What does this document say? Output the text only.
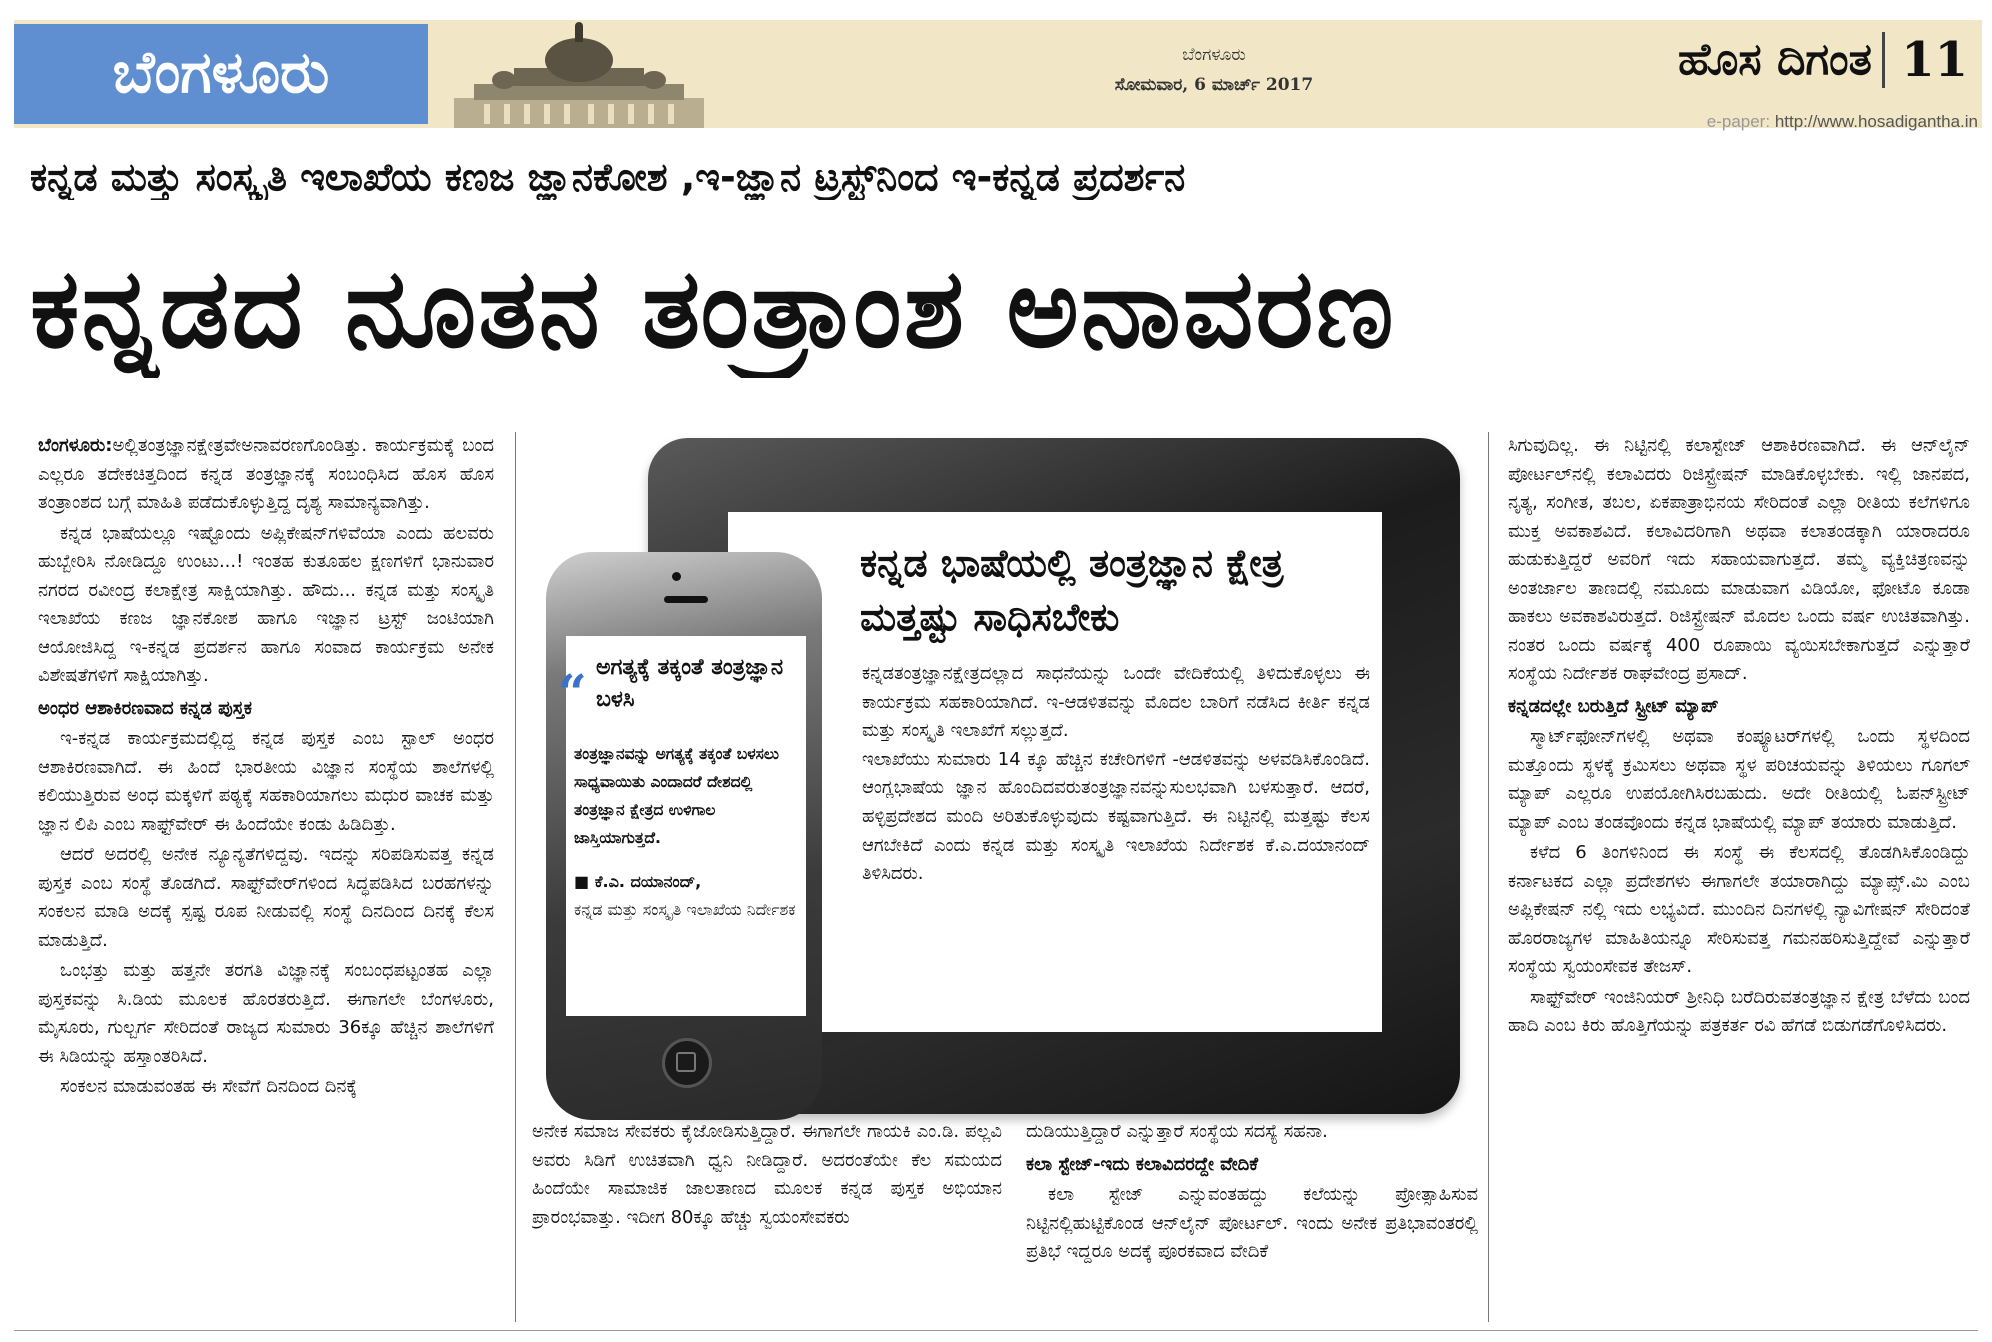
ಬೆಂಗಳೂರು	ಬೆಂಗಳೂರು
ಸೋಮವಾರ, 6 ಮಾರ್ಚ್ 2017	ಹೊಸ ದಿಗಂತ 11
e-paper: http://www.hosadigantha.in
ಕನ್ನಡ ಮತ್ತು ಸಂಸ್ಕೃತಿ ಇಲಾಖೆಯ ಕಣಜ ಜ್ಞಾನಕೋಶ ,ಇ-ಜ್ಞಾನ ಟ್ರಸ್ಟ್‌ನಿಂದ ಇ-ಕನ್ನಡ ಪ್ರದರ್ಶನ
ಕನ್ನಡದ ನೂತನ ತಂತ್ರಾಂಶ ಅನಾವರಣ

ಬೆಂಗಳೂರು:ಅಲ್ಲಿತಂತ್ರಜ್ಞಾನಕ್ಷೇತ್ರವೇಅನಾವರಣಗೊಂಡಿತ್ತು. ಕಾರ್ಯಕ್ರಮಕ್ಕೆ ಬಂದ ಎಲ್ಲರೂ ತದೇಕಚಿತ್ತದಿಂದ ಕನ್ನಡ ತಂತ್ರಜ್ಞಾನಕ್ಕೆ ಸಂಬಂಧಿಸಿದ ಹೊಸ ಹೊಸ ತಂತ್ರಾಂಶದ ಬಗ್ಗೆ ಮಾಹಿತಿ ಪಡೆದುಕೊಳ್ಳುತ್ತಿದ್ದ ದೃಶ್ಯ ಸಾಮಾನ್ಯವಾಗಿತ್ತು.

ಕನ್ನಡ ಭಾಷೆಯಲ್ಲೂ ಇಷ್ಟೊಂದು ಅಪ್ಲಿಕೇಷನ್‌ಗಳಿವೆಯಾ ಎಂದು ಹಲವರು ಹುಬ್ಬೇರಿಸಿ ನೋಡಿದ್ದೂ ಉಂಟು...! ಇಂತಹ ಕುತೂಹಲ ಕ್ಷಣಗಳಿಗೆ ಭಾನುವಾರ ನಗರದ ರವೀಂದ್ರ ಕಲಾಕ್ಷೇತ್ರ ಸಾಕ್ಷಿಯಾಗಿತ್ತು. ಹೌದು... ಕನ್ನಡ ಮತ್ತು ಸಂಸ್ಕೃತಿ ಇಲಾಖೆಯ ಕಣಜ ಜ್ಞಾನಕೋಶ ಹಾಗೂ ಇಜ್ಞಾನ ಟ್ರಸ್ಟ್ ಜಂಟಿಯಾಗಿ ಆಯೋಜಿಸಿದ್ದ ಇ-ಕನ್ನಡ ಪ್ರದರ್ಶನ ಹಾಗೂ ಸಂವಾದ ಕಾರ್ಯಕ್ರಮ ಅನೇಕ ವಿಶೇಷತೆಗಳಿಗೆ ಸಾಕ್ಷಿಯಾಗಿತ್ತು.

ಅಂಧರ ಆಶಾಕಿರಣವಾದ ಕನ್ನಡ ಪುಸ್ತಕ

ಇ-ಕನ್ನಡ ಕಾರ್ಯಕ್ರಮದಲ್ಲಿದ್ದ ಕನ್ನಡ ಪುಸ್ತಕ ಎಂಬ ಸ್ಟಾಲ್ ಅಂಧರ ಆಶಾಕಿರಣವಾಗಿದೆ. ಈ ಹಿಂದೆ ಭಾರತೀಯ ವಿಜ್ಞಾನ ಸಂಸ್ಥೆಯ ಶಾಲೆಗಳಲ್ಲಿ ಕಲಿಯುತ್ತಿರುವ ಅಂಧ ಮಕ್ಕಳಿಗೆ ಪಠ್ಯಕ್ಕೆ ಸಹಕಾರಿಯಾಗಲು ಮಧುರ ವಾಚಕ ಮತ್ತು ಜ್ಞಾನ ಲಿಪಿ ಎಂಬ ಸಾಫ್ಟ್‌ವೇರ್ ಈ ಹಿಂದೆಯೇ ಕಂಡು ಹಿಡಿದಿತ್ತು.

ಆದರೆ ಅದರಲ್ಲಿ ಅನೇಕ ನ್ಯೂನ್ಯತೆಗಳಿದ್ದವು. ಇದನ್ನು ಸರಿಪಡಿಸುವತ್ತ ಕನ್ನಡ ಪುಸ್ತಕ ಎಂಬ ಸಂಸ್ಥೆ ತೊಡಗಿದೆ. ಸಾಫ್ಟ್‌ವೇರ್‌ಗಳಿಂದ ಸಿದ್ಧಪಡಿಸಿದ ಬರಹಗಳನ್ನು ಸಂಕಲನ ಮಾಡಿ ಅದಕ್ಕೆ ಸ್ಪಷ್ಟ ರೂಪ ನೀಡುವಲ್ಲಿ ಸಂಸ್ಥೆ ದಿನದಿಂದ ದಿನಕ್ಕೆ ಕೆಲಸ ಮಾಡುತ್ತಿದೆ.

ಒಂಭತ್ತು ಮತ್ತು ಹತ್ತನೇ ತರಗತಿ ವಿಜ್ಞಾನಕ್ಕೆ ಸಂಬಂಧಪಟ್ಟಂತಹ ಎಲ್ಲಾ ಪುಸ್ತಕವನ್ನು ಸಿ.ಡಿಯ ಮೂಲಕ ಹೊರತರುತ್ತಿದೆ. ಈಗಾಗಲೇ ಬೆಂಗಳೂರು, ಮೈಸೂರು, ಗುಲ್ಬರ್ಗ ಸೇರಿದಂತೆ ರಾಜ್ಯದ ಸುಮಾರು 36ಕ್ಕೂ ಹೆಚ್ಚಿನ ಶಾಲೆಗಳಿಗೆ ಈ ಸಿಡಿಯನ್ನು ಹಸ್ತಾಂತರಿಸಿದೆ.

ಸಂಕಲನ ಮಾಡುವಂತಹ ಈ ಸೇವೆಗೆ ದಿನದಿಂದ ದಿನಕ್ಕೆ

ಅನೇಕ ಸಮಾಜ ಸೇವಕರು ಕೈಜೋಡಿಸುತ್ತಿದ್ದಾರೆ. ಈಗಾಗಲೇ ಗಾಯಕಿ ಎಂ.ಡಿ. ಪಲ್ಲವಿ ಅವರು ಸಿಡಿಗೆ ಉಚಿತವಾಗಿ ಧ್ವನಿ ನೀಡಿದ್ದಾರೆ. ಅದರಂತೆಯೇ ಕೆಲ ಸಮಯದ ಹಿಂದೆಯೇ ಸಾಮಾಜಿಕ ಜಾಲತಾಣದ ಮೂಲಕ ಕನ್ನಡ ಪುಸ್ತಕ ಅಭಿಯಾನ ಪ್ರಾರಂಭವಾತ್ತು. ಇದೀಗ 80ಕ್ಕೂ ಹೆಚ್ಚು ಸ್ವಯಂಸೇವಕರು

ದುಡಿಯುತ್ತಿದ್ದಾರೆ ಎನ್ನುತ್ತಾರೆ ಸಂಸ್ಥೆಯ ಸದಸ್ಯೆ ಸಹನಾ.

ಕಲಾ ಸ್ಟೇಜ್-ಇದು ಕಲಾವಿದರದ್ದೇ ವೇದಿಕೆ

ಕಲಾ ಸ್ಟೇಜ್ ಎನ್ನುವಂತಹದ್ದು ಕಲೆಯನ್ನು ಪ್ರೋತ್ಸಾಹಿಸುವ ನಿಟ್ಟಿನಲ್ಲಿಹುಟ್ಟಿಕೊಂಡ ಆನ್‌ಲೈನ್ ಪೋರ್ಟಲ್. ಇಂದು ಅನೇಕ ಪ್ರತಿಭಾವಂತರಲ್ಲಿ ಪ್ರತಿಭೆ ಇದ್ದರೂ ಅದಕ್ಕೆ ಪೂರಕವಾದ ವೇದಿಕೆ

ಸಿಗುವುದಿಲ್ಲ. ಈ ನಿಟ್ಟಿನಲ್ಲಿ ಕಲಾಸ್ಟೇಜ್ ಆಶಾಕಿರಣವಾಗಿದೆ. ಈ ಆನ್‌ಲೈನ್ ಪೋರ್ಟಲ್‌ನಲ್ಲಿ ಕಲಾವಿದರು ರಿಜಿಸ್ಟ್ರೇಷನ್ ಮಾಡಿಕೊಳ್ಳಬೇಕು. ಇಲ್ಲಿ ಜಾನಪದ, ನೃತ್ಯ, ಸಂಗೀತ, ತಬಲ, ಏಕಪಾತ್ರಾಭಿನಯ ಸೇರಿದಂತೆ ಎಲ್ಲಾ ರೀತಿಯ ಕಲೆಗಳಿಗೂ ಮುಕ್ತ ಅವಕಾಶವಿದೆ. ಕಲಾವಿದರಿಗಾಗಿ ಅಥವಾ ಕಲಾತಂಡಕ್ಕಾಗಿ ಯಾರಾದರೂ ಹುಡುಕುತ್ತಿದ್ದರೆ ಅವರಿಗೆ ಇದು ಸಹಾಯವಾಗುತ್ತದೆ. ತಮ್ಮ ವ್ಯಕ್ತಿಚಿತ್ರಣವನ್ನು ಅಂತರ್ಜಾಲ ತಾಣದಲ್ಲಿ ನಮೂದು ಮಾಡುವಾಗ ವಿಡಿಯೋ, ಫೋಟೊ ಕೂಡಾ ಹಾಕಲು ಅವಕಾಶವಿರುತ್ತದೆ. ರಿಜಿಸ್ಟ್ರೇಷನ್ ಮೊದಲ ಒಂದು ವರ್ಷ ಉಚಿತವಾಗಿತ್ತು. ನಂತರ ಒಂದು ವರ್ಷಕ್ಕೆ 400 ರೂಪಾಯಿ ವ್ಯಯಿಸಬೇಕಾಗುತ್ತದೆ ಎನ್ನುತ್ತಾರೆ ಸಂಸ್ಥೆಯ ನಿರ್ದೇಶಕ ರಾಘವೇಂದ್ರ ಪ್ರಸಾದ್.

ಕನ್ನಡದಲ್ಲೇ ಬರುತ್ತಿದೆ ಸ್ಟ್ರೀಟ್ ಮ್ಯಾಪ್

ಸ್ಮಾರ್ಟ್‌ಫೋನ್‌ಗಳಲ್ಲಿ ಅಥವಾ ಕಂಪ್ಯೂಟರ್‌ಗಳಲ್ಲಿ ಒಂದು ಸ್ಥಳದಿಂದ ಮತ್ತೊಂದು ಸ್ಥಳಕ್ಕೆ ಕ್ರಮಿಸಲು ಅಥವಾ ಸ್ಥಳ ಪರಿಚಯವನ್ನು ತಿಳಿಯಲು ಗೂಗಲ್ ಮ್ಯಾಪ್ ಎಲ್ಲರೂ ಉಪಯೋಗಿಸಿರಬಹುದು. ಅದೇ ರೀತಿಯಲ್ಲಿ ಓಪನ್‌ಸ್ಟ್ರೀಟ್ ಮ್ಯಾಪ್ ಎಂಬ ತಂಡವೊಂದು ಕನ್ನಡ ಭಾಷೆಯಲ್ಲಿ ಮ್ಯಾಪ್ ತಯಾರು ಮಾಡುತ್ತಿದೆ.

ಕಳೆದ 6 ತಿಂಗಳಿನಿಂದ ಈ ಸಂಸ್ಥೆ ಈ ಕೆಲಸದಲ್ಲಿ ತೊಡಗಿಸಿಕೊಂಡಿದ್ದು ಕರ್ನಾಟಕದ ಎಲ್ಲಾ ಪ್ರದೇಶಗಳು ಈಗಾಗಲೇ ತಯಾರಾಗಿದ್ದು ಮ್ಯಾಪ್ಸ್.ಮಿ ಎಂಬ ಅಪ್ಲಿಕೇಷನ್ ನಲ್ಲಿ ಇದು ಲಭ್ಯವಿದೆ. ಮುಂದಿನ ದಿನಗಳಲ್ಲಿ ನ್ಯಾವಿಗೇಷನ್ ಸೇರಿದಂತೆ ಹೊರರಾಜ್ಯಗಳ ಮಾಹಿತಿಯನ್ನೂ ಸೇರಿಸುವತ್ತ ಗಮನಹರಿಸುತ್ತಿದ್ದೇವೆ ಎನ್ನುತ್ತಾರೆ ಸಂಸ್ಥೆಯ ಸ್ವಯಂಸೇವಕ ತೇಜಸ್.

ಸಾಫ್ಟ್‌ವೇರ್ ಇಂಜಿನಿಯರ್ ಶ್ರೀನಿಧಿ ಬರೆದಿರುವತಂತ್ರಜ್ಞಾನ ಕ್ಷೇತ್ರ ಬೆಳೆದು ಬಂದ ಹಾದಿ ಎಂಬ ಕಿರು ಹೊತ್ತಿಗೆಯನ್ನು ಪತ್ರಕರ್ತ ರವಿ ಹೆಗಡೆ ಬಿಡುಗಡೆಗೊಳಿಸಿದರು.

ಕನ್ನಡ ಭಾಷೆಯಲ್ಲಿ ತಂತ್ರಜ್ಞಾನ ಕ್ಷೇತ್ರ ಮತ್ತಷ್ಟು ಸಾಧಿಸಬೇಕು

ಕನ್ನಡತಂತ್ರಜ್ಞಾನಕ್ಷೇತ್ರದಲ್ಲಾದ ಸಾಧನೆಯನ್ನು ಒಂದೇ ವೇದಿಕೆಯಲ್ಲಿ ತಿಳಿದುಕೊಳ್ಳಲು ಈ ಕಾರ್ಯಕ್ರಮ ಸಹಕಾರಿಯಾಗಿದೆ. ಇ-ಆಡಳಿತವನ್ನು ಮೊದಲ ಬಾರಿಗೆ ನಡೆಸಿದ ಕೀರ್ತಿ ಕನ್ನಡ ಮತ್ತು ಸಂಸ್ಕೃತಿ ಇಲಾಖೆಗೆ ಸಲ್ಲುತ್ತದೆ.

ಇಲಾಖೆಯು ಸುಮಾರು 14 ಕ್ಕೂ ಹೆಚ್ಚಿನ ಕಚೇರಿಗಳಿಗೆ -ಆಡಳಿತವನ್ನು ಅಳವಡಿಸಿಕೊಂಡಿದೆ. ಆಂಗ್ಲಭಾಷೆಯ ಜ್ಞಾನ ಹೊಂದಿದವರುತಂತ್ರಜ್ಞಾನವನ್ನುಸುಲಭವಾಗಿ ಬಳಸುತ್ತಾರೆ. ಆದರೆ, ಹಳ್ಳಿಪ್ರದೇಶದ ಮಂದಿ ಅರಿತುಕೊಳ್ಳುವುದು ಕಷ್ಟವಾಗುತ್ತಿದೆ. ಈ ನಿಟ್ಟಿನಲ್ಲಿ ಮತ್ತಷ್ಟು ಕೆಲಸ ಆಗಬೇಕಿದೆ ಎಂದು ಕನ್ನಡ ಮತ್ತು ಸಂಸ್ಕೃತಿ ಇಲಾಖೆಯ ನಿರ್ದೇಶಕ ಕೆ.ಎ.ದಯಾನಂದ್ ತಿಳಿಸಿದರು.

“ ಅಗತ್ಯಕ್ಕೆ ತಕ್ಕಂತೆ ತಂತ್ರಜ್ಞಾನ ಬಳಸಿ
ತಂತ್ರಜ್ಞಾನವನ್ನು ಅಗತ್ಯಕ್ಕೆ ತಕ್ಕಂತೆ ಬಳಸಲು ಸಾಧ್ಯವಾಯಿತು ಎಂದಾದರೆ ದೇಶದಲ್ಲಿ ತಂತ್ರಜ್ಞಾನ ಕ್ಷೇತ್ರದ ಉಳಿಗಾಲ ಜಾಸ್ತಿಯಾಗುತ್ತದೆ.
■ ಕೆ.ಎ. ದಯಾನಂದ್,
ಕನ್ನಡ ಮತ್ತು ಸಂಸ್ಕೃತಿ ಇಲಾಖೆಯ ನಿರ್ದೇಶಕ
